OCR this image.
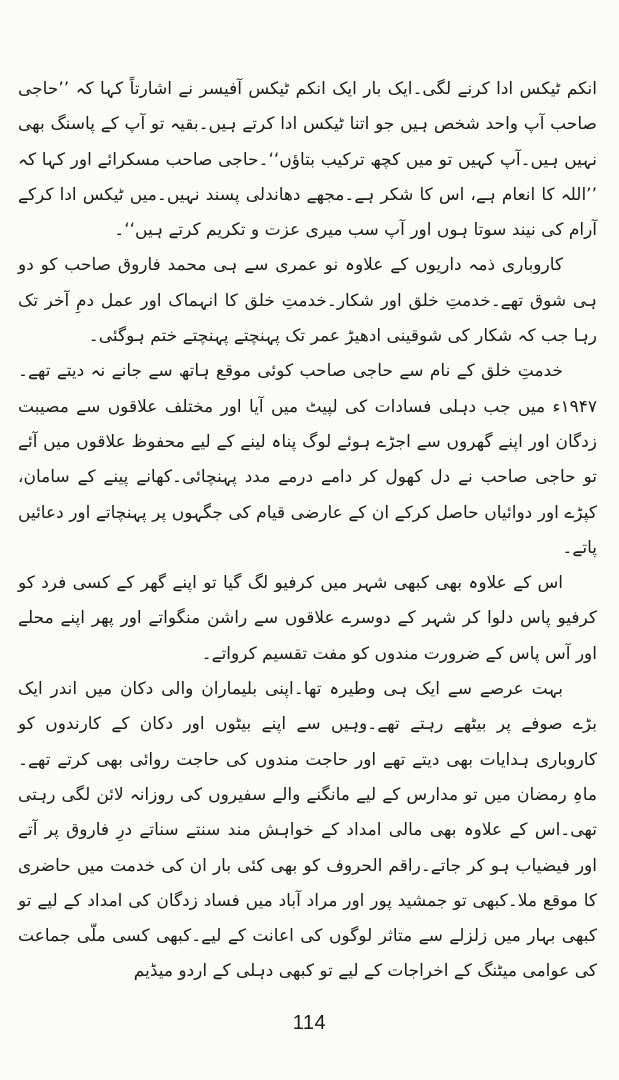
انکم ٹیکس ادا کرنے لگی۔ایک بار ایک انکم ٹیکس آفیسر نے اشارتاً کہا کہ ’’حاجی صاحب آپ واحد شخص ہیں جو اتنا ٹیکس ادا کرتے ہیں۔بقیہ تو آپ کے پاسنگ بھی نہیں ہیں۔آپ کہیں تو میں کچھ ترکیب بتاؤں‘‘۔حاجی صاحب مسکرائے اور کہا کہ ’’اللہ کا انعام ہے، اس کا شکر ہے۔مجھے دھاندلی پسند نہیں۔میں ٹیکس ادا کرکے آرام کی نیند سوتا ہوں اور آپ سب میری عزت و تکریم کرتے ہیں‘‘۔

کاروباری ذمہ داریوں کے علاوہ نو عمری سے ہی محمد فاروق صاحب کو دو ہی شوق تھے۔خدمتِ خلق اور شکار۔خدمتِ خلق کا انہماک اور عمل دمِ آخر تک رہا جب کہ شکار کی شوقینی ادھیڑ عمر تک پہنچتے پہنچتے ختم ہوگئی۔

خدمتِ خلق کے نام سے حاجی صاحب کوئی موقع ہاتھ سے جانے نہ دیتے تھے۔۱۹۴۷ء میں جب دہلی فسادات کی لپیٹ میں آیا اور مختلف علاقوں سے مصیبت زدگان اور اپنے گھروں سے اجڑے ہوئے لوگ پناہ لینے کے لیے محفوظ علاقوں میں آئے تو حاجی صاحب نے دل کھول کر دامے درمے مدد پہنچائی۔کھانے پینے کے سامان، کپڑے اور دوائیاں حاصل کرکے ان کے عارضی قیام کی جگہوں پر پہنچاتے اور دعائیں پاتے۔

اس کے علاوہ بھی کبھی شہر میں کرفیو لگ گیا تو اپنے گھر کے کسی فرد کو کرفیو پاس دلوا کر شہر کے دوسرے علاقوں سے راشن منگواتے اور پھر اپنے محلے اور آس پاس کے ضرورت مندوں کو مفت تقسیم کرواتے۔

بہت عرصے سے ایک ہی وطیرہ تھا۔اپنی بلیماران والی دکان میں اندر ایک بڑے صوفے پر بیٹھے رہتے تھے۔وہیں سے اپنے بیٹوں اور دکان کے کارندوں کو کاروباری ہدایات بھی دیتے تھے اور حاجت مندوں کی حاجت روائی بھی کرتے تھے۔ماہِ رمضان میں تو مدارس کے لیے مانگنے والے سفیروں کی روزانہ لائن لگی رہتی تھی۔اس کے علاوہ بھی مالی امداد کے خواہش مند سنتے سناتے درِ فاروق پر آتے اور فیضیاب ہو کر جاتے۔راقم الحروف کو بھی کئی بار ان کی خدمت میں حاضری کا موقع ملا۔کبھی تو جمشید پور اور مراد آباد میں فساد زدگان کی امداد کے لیے تو کبھی بہار میں زلزلے سے متاثر لوگوں کی اعانت کے لیے۔کبھی کسی ملّی جماعت کی عوامی میٹنگ کے اخراجات کے لیے تو کبھی دہلی کے اردو میڈیم

114
